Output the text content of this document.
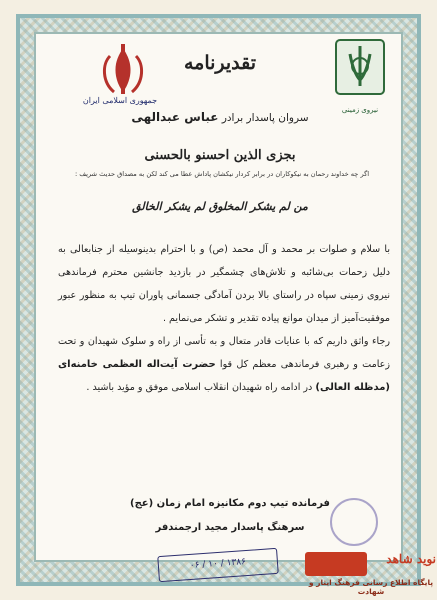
جمهوری اسلامی ایران
نیروی زمینی
تقدیرنامه
سروان پاسدار برادر عباس عبدالهی
بجزی الذین احسنو بالحسنی
اگر چه خداوند رحمان به نیکوکاران در برابر کردار نیکشان پاداش عطا می کند لکن به مصداق حدیث شریف :
من لم یشکر المخلوق لم یشکر الخالق
با سلام و صلوات بر محمد و آل محمد (ص) و با احترام بدینوسیله از جنابعالی به دلیل زحمات بی‌شائبه و تلاش‌های چشمگیر در بازدید جانشین محترم فرماندهی نیروی زمینی سپاه در راستای بالا بردن آمادگی جسمانی پاوران تیپ به منظور عبور موفقیت‌آمیز از میدان موانع پیاده تقدیر و تشکر می‌نمایم .
رجاء واثق داریم که با عنایات قادر متعال و به تأسی از راه و سلوک شهیدان و تحت زعامت و رهبری فرماندهی معظم کل قوا حضرت آیت‌اله العظمی خامنه‌ای (مدظله العالی) در ادامه راه شهیدان انقلاب اسلامی موفق و مؤید باشید .
فرمانده تیپ دوم مکانیزه امام زمان (عج)
سرهنگ پاسدار مجید ارجمندفر
۱۳۸۶ / ۱۰ / ۰۶	نوید شاهد
پایگاه اطلاع رسانی فرهنگ ایثار و شهادت
